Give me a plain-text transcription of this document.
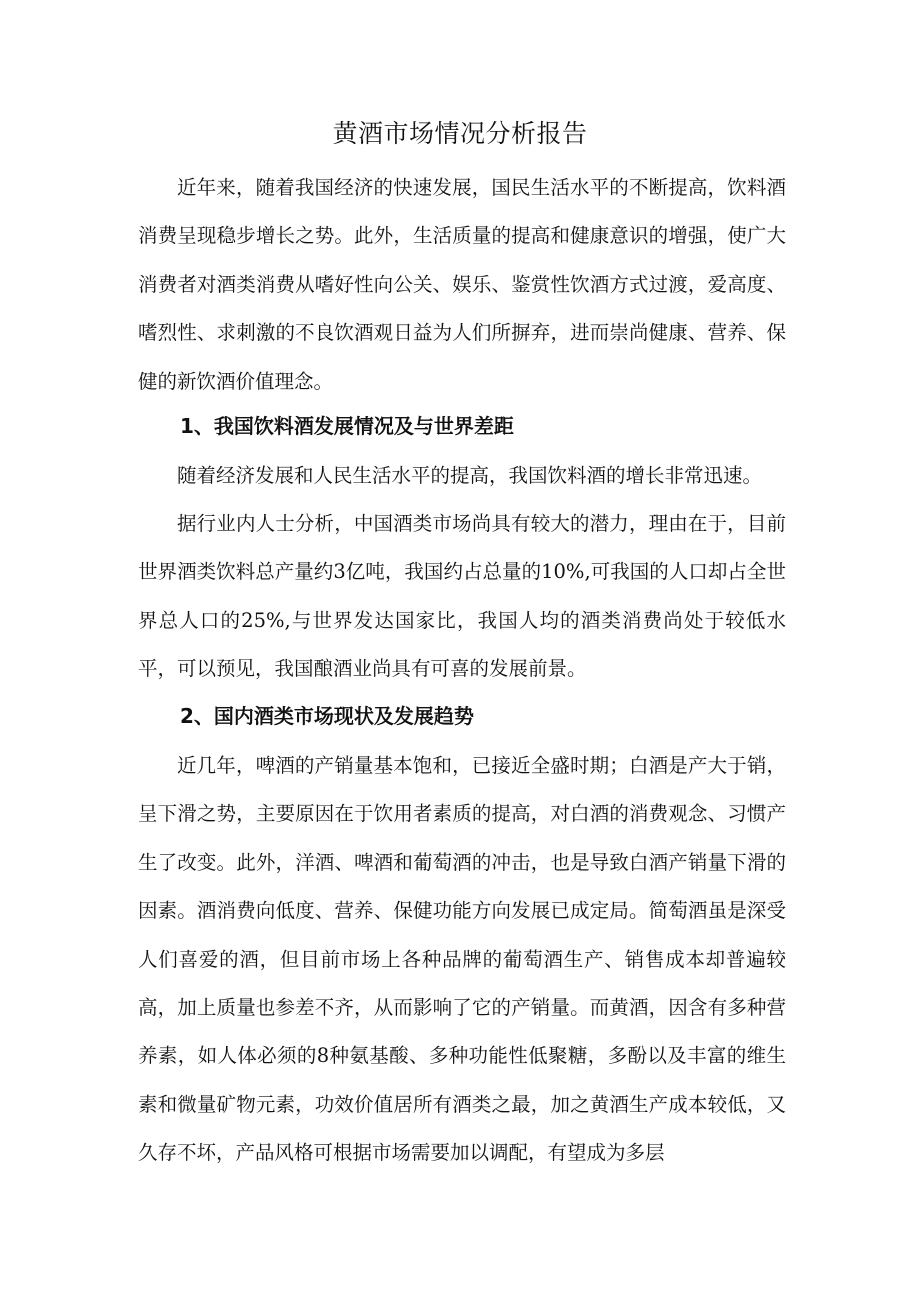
黄酒市场情况分析报告

近年来，随着我国经济的快速发展，国民生活水平的不断提高，饮料酒消费呈现稳步增长之势。此外，生活质量的提高和健康意识的增强，使广大消费者对酒类消费从嗜好性向公关、娱乐、鉴赏性饮酒方式过渡，爱高度、嗜烈性、求刺激的不良饮酒观日益为人们所摒弃，进而崇尚健康、营养、保健的新饮酒价值理念。

1、我国饮料酒发展情况及与世界差距

随着经济发展和人民生活水平的提高，我国饮料酒的增长非常迅速。

据行业内人士分析，中国酒类市场尚具有较大的潜力，理由在于，目前世界酒类饮料总产量约3亿吨，我国约占总量的10%,可我国的人口却占全世界总人口的25%,与世界发达国家比，我国人均的酒类消费尚处于较低水平，可以预见，我国酿酒业尚具有可喜的发展前景。

2、国内酒类市场现状及发展趋势

近几年，啤酒的产销量基本饱和，已接近全盛时期；白酒是产大于销，呈下滑之势，主要原因在于饮用者素质的提高，对白酒的消费观念、习惯产生了改变。此外，洋酒、啤酒和葡萄酒的冲击，也是导致白酒产销量下滑的因素。酒消费向低度、营养、保健功能方向发展已成定局。简萄酒虽是深受人们喜爱的酒，但目前市场上各种品牌的葡萄酒生产、销售成本却普遍较高，加上质量也参差不齐，从而影响了它的产销量。而黄酒，因含有多种营养素，如人体必须的8种氨基酸、多种功能性低聚糖，多酚以及丰富的维生素和微量矿物元素，功效价值居所有酒类之最，加之黄酒生产成本较低，又久存不坏，产品风格可根据市场需要加以调配，有望成为多层
